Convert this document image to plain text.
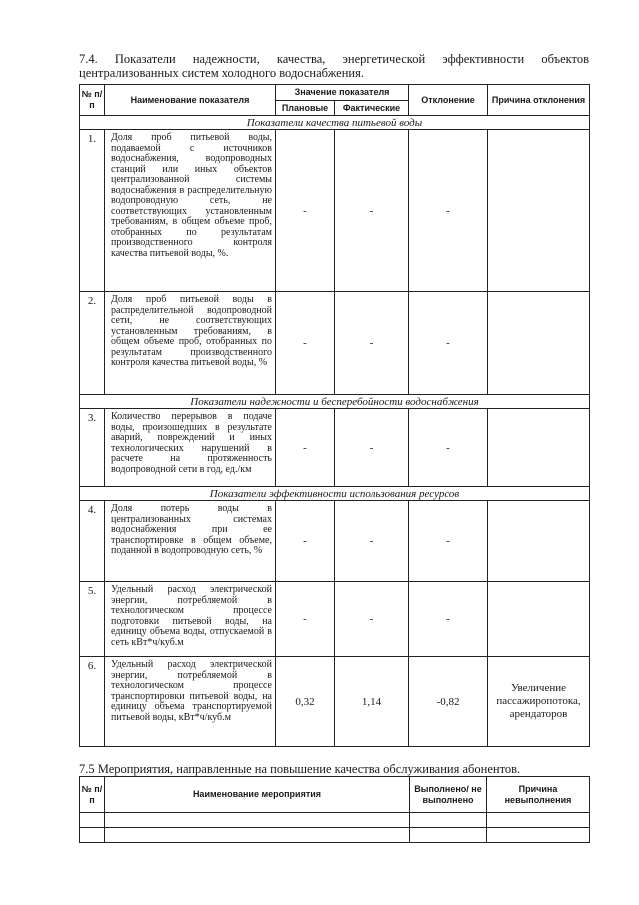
7.4. Показатели надежности, качества, энергетической эффективности объектов централизованных систем холодного водоснабжения.
№ п/п	Наименование показателя	Значение показателя		Отклонение	Причина отклонения
		Плановые	Фактические		
Показатели качества питьевой воды					
1.	Доля проб питьевой воды, подаваемой с источников водоснабжения, водопроводных станций или иных объектов централизованной системы водоснабжения в распределительную водопроводную сеть, не соответствующих установленным требованиям, в общем объеме проб, отобранных по результатам производственного контроля качества питьевой воды, %.	-	-	-	
2.	Доля проб питьевой воды в распределительной водопроводной сети, не соответствующих установленным требованиям, в общем объеме проб, отобранных по результатам производственного контроля качества питьевой воды, %	-	-	-	
Показатели надежности и бесперебойности водоснабжения					
3.	Количество перерывов в подаче воды, произошедших в результате аварий, повреждений и иных технологических нарушений в расчете на протяженность водопроводной сети в год, ед./км	-	-	-	
Показатели эффективности использования ресурсов					
4.	Доля потерь воды в централизованных системах водоснабжения при ее транспортировке в общем объеме, поданной в водопроводную сеть, %	-	-	-	
5.	Удельный расход электрической энергии, потребляемой в технологическом процессе подготовки питьевой воды, на единицу объема воды, отпускаемой в сеть кВт*ч/куб.м	-	-	-	
6.	Удельный расход электрической энергии, потребляемой в технологическом процессе транспортировки питьевой воды, на единицу объема транспортируемой питьевой воды, кВт*ч/куб.м	0,32	1,14	-0,82	Увеличение пассажиропотока, арендаторов
7.5 Мероприятия, направленные на повышение качества обслуживания абонентов.
№ п/п	Наименование мероприятия	Выполнено/ не выполнено	Причина невыполнения
